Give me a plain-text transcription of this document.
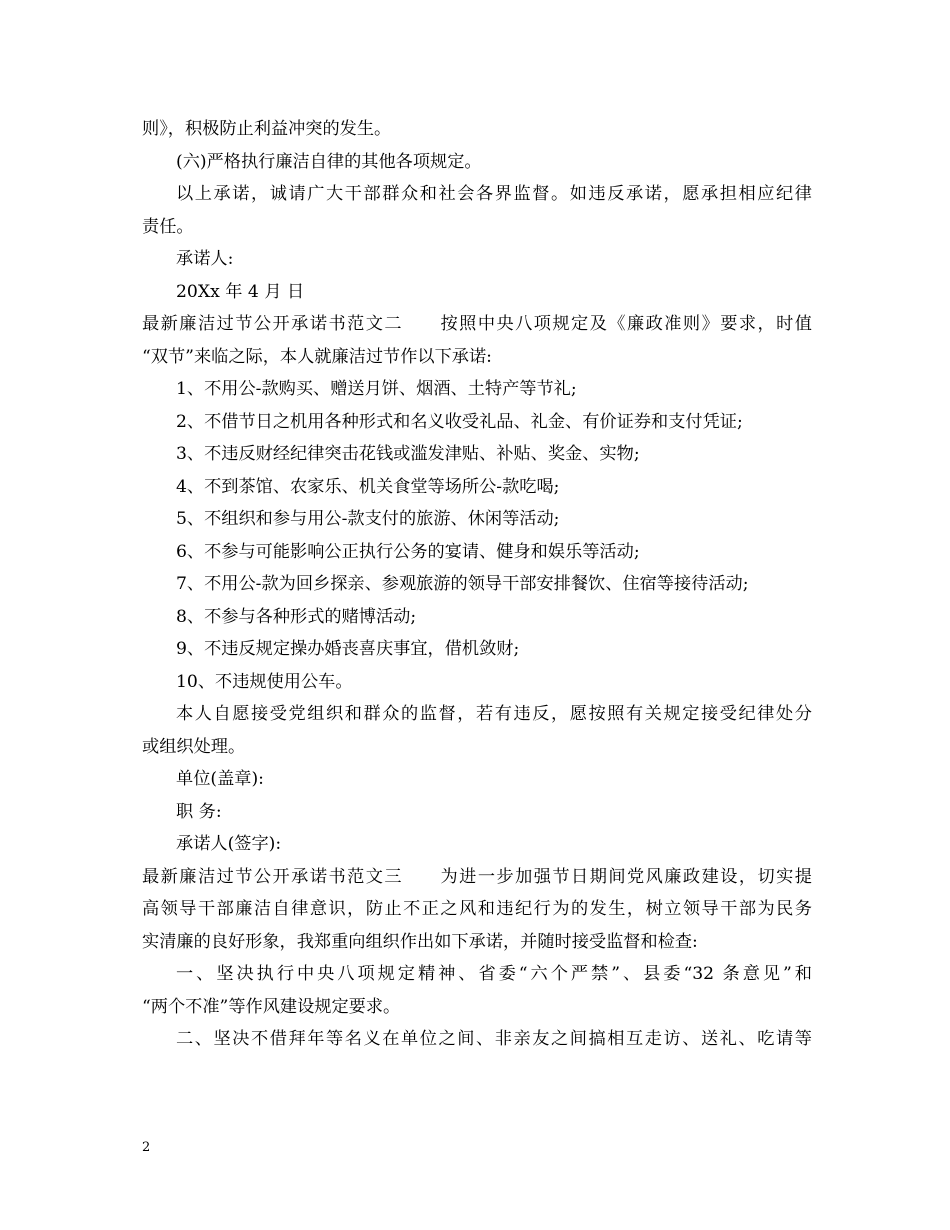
则》，积极防止利益冲突的发生。
(六)严格执行廉洁自律的其他各项规定。
以上承诺，诚请广大干部群众和社会各界监督。如违反承诺，愿承担相应纪律
责任。
承诺人:
20Xx 年 4 月 日
最新廉洁过节公开承诺书范文二 按照中央八项规定及《廉政准则》要求，时值
“双节”来临之际，本人就廉洁过节作以下承诺:
1、不用公-款购买、赠送月饼、烟酒、土特产等节礼;
2、不借节日之机用各种形式和名义收受礼品、礼金、有价证券和支付凭证;
3、不违反财经纪律突击花钱或滥发津贴、补贴、奖金、实物;
4、不到茶馆、农家乐、机关食堂等场所公-款吃喝;
5、不组织和参与用公-款支付的旅游、休闲等活动;
6、不参与可能影响公正执行公务的宴请、健身和娱乐等活动;
7、不用公-款为回乡探亲、参观旅游的领导干部安排餐饮、住宿等接待活动;
8、不参与各种形式的赌博活动;
9、不违反规定操办婚丧喜庆事宜，借机敛财;
10、不违规使用公车。
本人自愿接受党组织和群众的监督，若有违反，愿按照有关规定接受纪律处分
或组织处理。
单位(盖章):
职 务:
承诺人(签字):
最新廉洁过节公开承诺书范文三 为进一步加强节日期间党风廉政建设，切实提
高领导干部廉洁自律意识，防止不正之风和违纪行为的发生，树立领导干部为民务
实清廉的良好形象，我郑重向组织作出如下承诺，并随时接受监督和检查:
一、坚决执行中央八项规定精神、省委“六个严禁”、县委“32 条意见”和
“两个不准”等作风建设规定要求。
二、坚决不借拜年等名义在单位之间、非亲友之间搞相互走访、送礼、吃请等
2
